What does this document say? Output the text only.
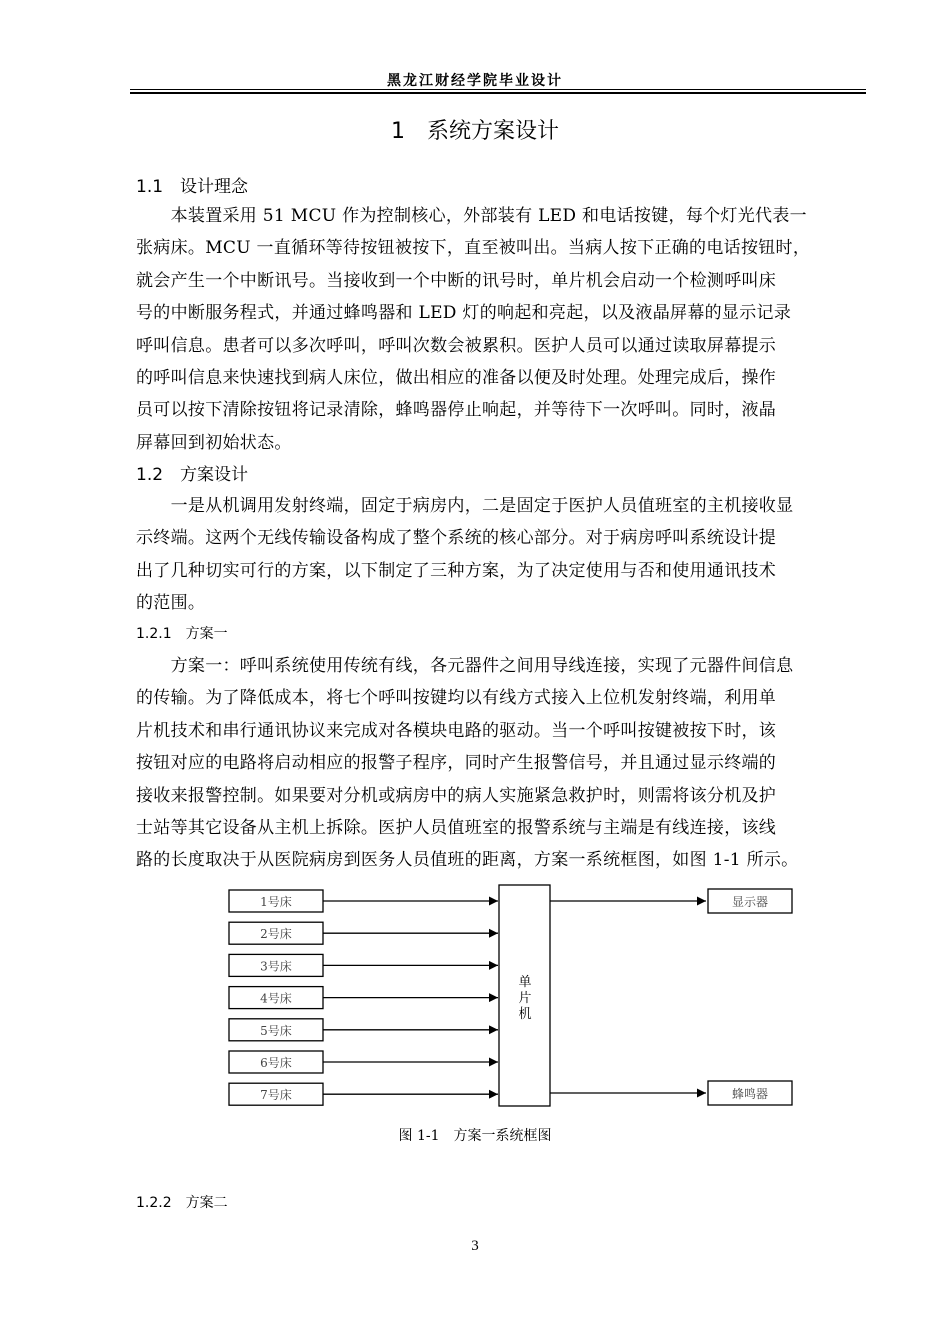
黑龙江财经学院毕业设计
1　系统方案设计
1.1　设计理念
　　本装置采用 51 MCU 作为控制核心，外部装有 LED 和电话按键，每个灯光代表一
张病床。MCU 一直循环等待按钮被按下，直至被叫出。当病人按下正确的电话按钮时，
就会产生一个中断讯号。当接收到一个中断的讯号时，单片机会启动一个检测呼叫床
号的中断服务程式，并通过蜂鸣器和 LED 灯的响起和亮起，以及液晶屏幕的显示记录
呼叫信息。患者可以多次呼叫，呼叫次数会被累积。医护人员可以通过读取屏幕提示
的呼叫信息来快速找到病人床位，做出相应的准备以便及时处理。处理完成后，操作
员可以按下清除按钮将记录清除，蜂鸣器停止响起，并等待下一次呼叫。同时，液晶
屏幕回到初始状态。
1.2　方案设计
　　一是从机调用发射终端，固定于病房内，二是固定于医护人员值班室的主机接收显
示终端。这两个无线传输设备构成了整个系统的核心部分。对于病房呼叫系统设计提
出了几种切实可行的方案，以下制定了三种方案，为了决定使用与否和使用通讯技术
的范围。
1.2.1　方案一
　　方案一：呼叫系统使用传统有线，各元器件之间用导线连接，实现了元器件间信息
的传输。为了降低成本，将七个呼叫按键均以有线方式接入上位机发射终端，利用单
片机技术和串行通讯协议来完成对各模块电路的驱动。当一个呼叫按键被按下时，该
按钮对应的电路将启动相应的报警子程序，同时产生报警信号，并且通过显示终端的
接收来报警控制。如果要对分机或病房中的病人实施紧急救护时，则需将该分机及护
士站等其它设备从主机上拆除。医护人员值班室的报警系统与主端是有线连接，该线
路的长度取决于从医院病房到医务人员值班的距离，方案一系统框图，如图 1-1 所示。
1号床
2号床
3号床
4号床
5号床
6号床
7号床
单
片
机
显示器
蜂鸣器
图 1-1　方案一系统框图
1.2.2　方案二
3
